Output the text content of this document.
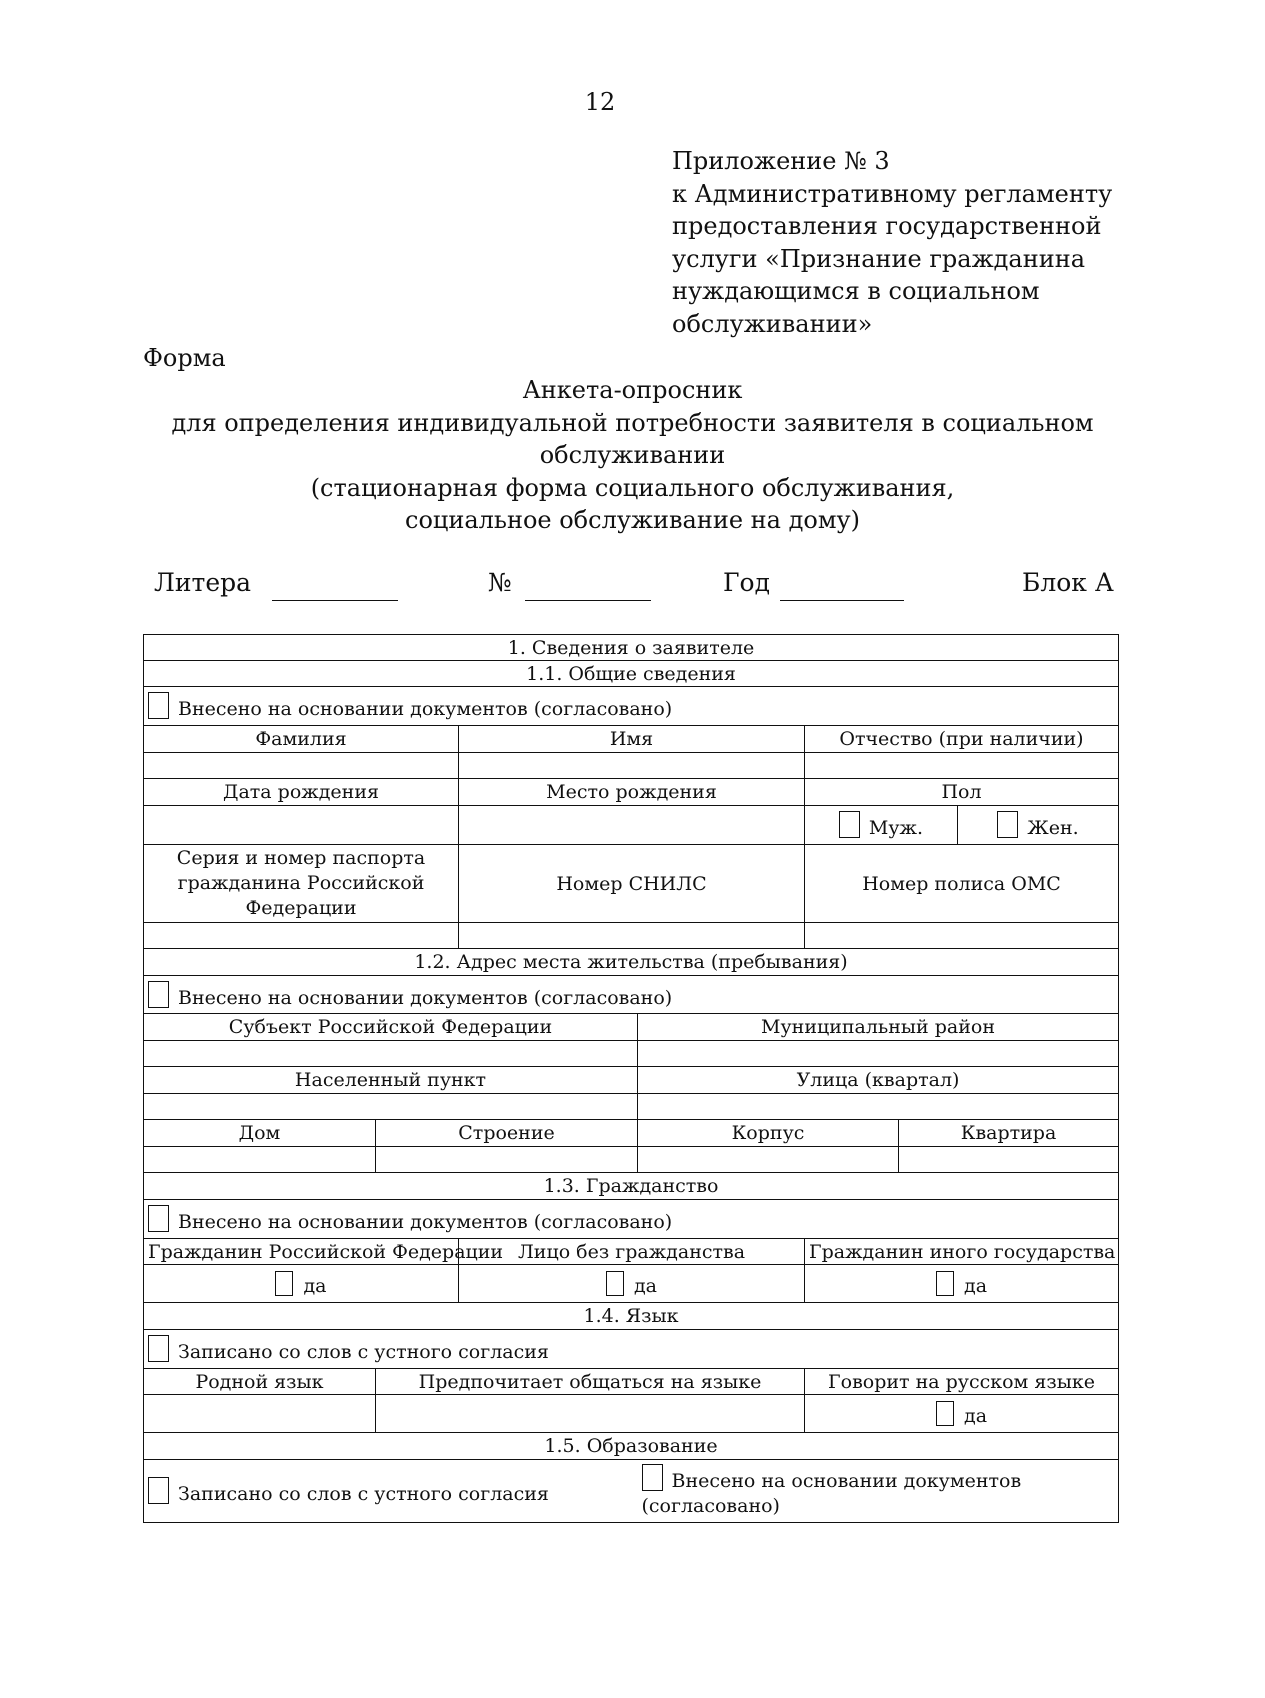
12
Приложение № 3
к Административному регламенту
предоставления государственной
услуги «Признание гражданина
нуждающимся в социальном
обслуживании»
Форма
Анкета-опросник
для определения индивидуальной потребности заявителя в социальном
обслуживании
(стационарная форма социального обслуживания,
социальное обслуживание на дому)
Литера	№	Год	Блок А
1. Сведения о заявителе						
1.1. Общие сведения						
Внесено на основании документов (согласовано)						
Фамилия		Имя		Отчество (при наличии)		

Дата рождения		Место рождения		Пол		
				Муж.		Жен.
Серия и номер паспорта гражданина Российской Федерации		Номер СНИЛС		Номер полиса ОМС		

1.2. Адрес места жительства (пребывания)						
Внесено на основании документов (согласовано)						
Субъект Российской Федерации			Муниципальный район			

Населенный пункт			Улица (квартал)			

Дом	Строение		Корпус		Квартира	

1.3. Гражданство						
Внесено на основании документов (согласовано)						
Гражданин Российской Федерации		Лицо без гражданства		Гражданин иного государства		
да		да		да		
1.4. Язык						
Записано со слов с устного согласия						
Родной язык	Предпочитает общаться на языке			Говорит на русском языке		
				да		
1.5. Образование						
Записано со слов с устного согласия			Внесено на основании документов (согласовано)			
